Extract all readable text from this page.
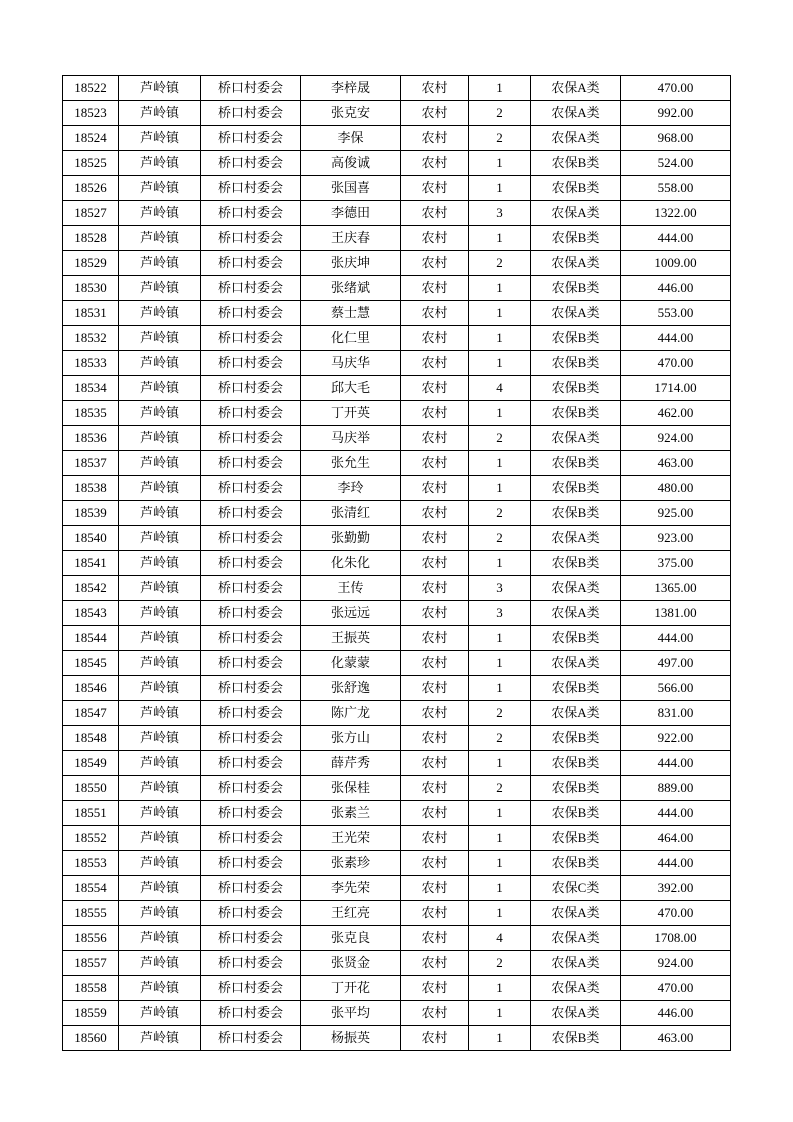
18522	芦岭镇	桥口村委会	李梓晟	农村	1	农保A类	470.00
18523	芦岭镇	桥口村委会	张克安	农村	2	农保A类	992.00
18524	芦岭镇	桥口村委会	李保	农村	2	农保A类	968.00
18525	芦岭镇	桥口村委会	高俊诚	农村	1	农保B类	524.00
18526	芦岭镇	桥口村委会	张国喜	农村	1	农保B类	558.00
18527	芦岭镇	桥口村委会	李德田	农村	3	农保A类	1322.00
18528	芦岭镇	桥口村委会	王庆春	农村	1	农保B类	444.00
18529	芦岭镇	桥口村委会	张庆坤	农村	2	农保A类	1009.00
18530	芦岭镇	桥口村委会	张绪斌	农村	1	农保B类	446.00
18531	芦岭镇	桥口村委会	蔡士慧	农村	1	农保A类	553.00
18532	芦岭镇	桥口村委会	化仁里	农村	1	农保B类	444.00
18533	芦岭镇	桥口村委会	马庆华	农村	1	农保B类	470.00
18534	芦岭镇	桥口村委会	邱大毛	农村	4	农保B类	1714.00
18535	芦岭镇	桥口村委会	丁开英	农村	1	农保B类	462.00
18536	芦岭镇	桥口村委会	马庆举	农村	2	农保A类	924.00
18537	芦岭镇	桥口村委会	张允生	农村	1	农保B类	463.00
18538	芦岭镇	桥口村委会	李玲	农村	1	农保B类	480.00
18539	芦岭镇	桥口村委会	张清红	农村	2	农保B类	925.00
18540	芦岭镇	桥口村委会	张勤勤	农村	2	农保A类	923.00
18541	芦岭镇	桥口村委会	化朱化	农村	1	农保B类	375.00
18542	芦岭镇	桥口村委会	王传	农村	3	农保A类	1365.00
18543	芦岭镇	桥口村委会	张远远	农村	3	农保A类	1381.00
18544	芦岭镇	桥口村委会	王振英	农村	1	农保B类	444.00
18545	芦岭镇	桥口村委会	化蒙蒙	农村	1	农保A类	497.00
18546	芦岭镇	桥口村委会	张舒逸	农村	1	农保B类	566.00
18547	芦岭镇	桥口村委会	陈广龙	农村	2	农保A类	831.00
18548	芦岭镇	桥口村委会	张方山	农村	2	农保B类	922.00
18549	芦岭镇	桥口村委会	薛芹秀	农村	1	农保B类	444.00
18550	芦岭镇	桥口村委会	张保桂	农村	2	农保B类	889.00
18551	芦岭镇	桥口村委会	张素兰	农村	1	农保B类	444.00
18552	芦岭镇	桥口村委会	王光荣	农村	1	农保B类	464.00
18553	芦岭镇	桥口村委会	张素珍	农村	1	农保B类	444.00
18554	芦岭镇	桥口村委会	李先荣	农村	1	农保C类	392.00
18555	芦岭镇	桥口村委会	王红亮	农村	1	农保A类	470.00
18556	芦岭镇	桥口村委会	张克良	农村	4	农保A类	1708.00
18557	芦岭镇	桥口村委会	张贤金	农村	2	农保A类	924.00
18558	芦岭镇	桥口村委会	丁开花	农村	1	农保A类	470.00
18559	芦岭镇	桥口村委会	张平均	农村	1	农保A类	446.00
18560	芦岭镇	桥口村委会	杨振英	农村	1	农保B类	463.00
